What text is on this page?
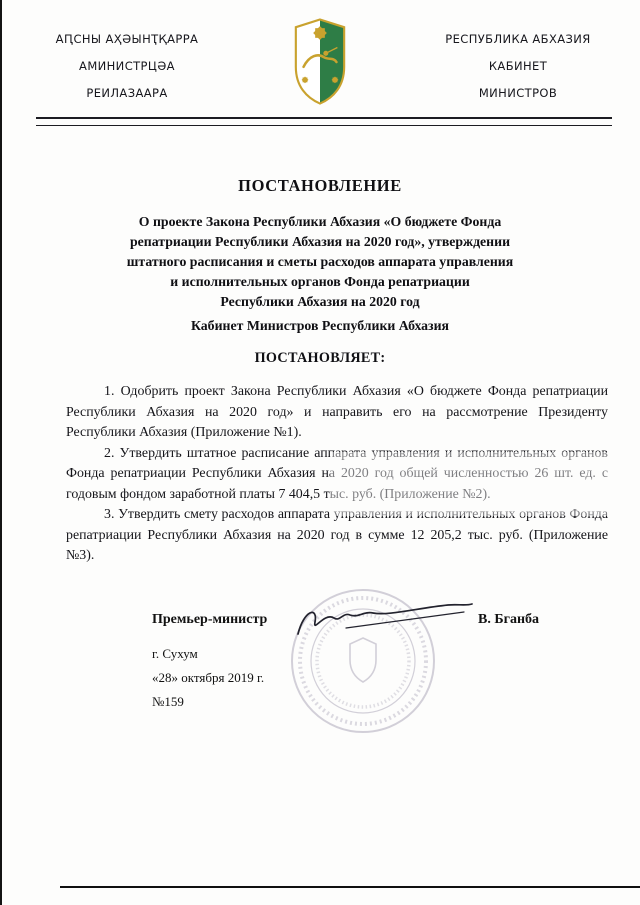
АԤСНЫ АҲӘЫНҬҚАРРА
АМИНИСТРЦӘА
РЕИЛАЗААРА
РЕСПУБЛИКА АБХАЗИЯ
КАБИНЕТ
МИНИСТРОВ
ПОСТАНОВЛЕНИЕ
О проекте Закона Республики Абхазия «О бюджете Фонда
репатриации Республики Абхазия на 2020 год», утверждении
штатного расписания и сметы расходов аппарата управления
и исполнительных органов Фонда репатриации
Республики Абхазия на 2020 год
Кабинет Министров Республики Абхазия
ПОСТАНОВЛЯЕТ:

1. Одобрить проект Закона Республики Абхазия «О бюджете Фонда репатриации Республики Абхазия на 2020 год» и направить его на рассмотрение Президенту Республики Абхазия (Приложение №1).

2. Утвердить штатное расписание аппарата управления и исполнительных органов Фонда репатриации Республики Абхазия на 2020 год общей численностью 26 шт. ед. с годовым фондом заработной платы 7 404,5 тыс. руб. (Приложение №2).

3. Утвердить смету расходов аппарата управления и исполнительных органов Фонда репатриации Республики Абхазия на 2020 год в сумме 12 205,2 тыс. руб. (Приложение №3).

Премьер-министр	В. Бганба
г. Сухум
«28» октября 2019 г.
№159
